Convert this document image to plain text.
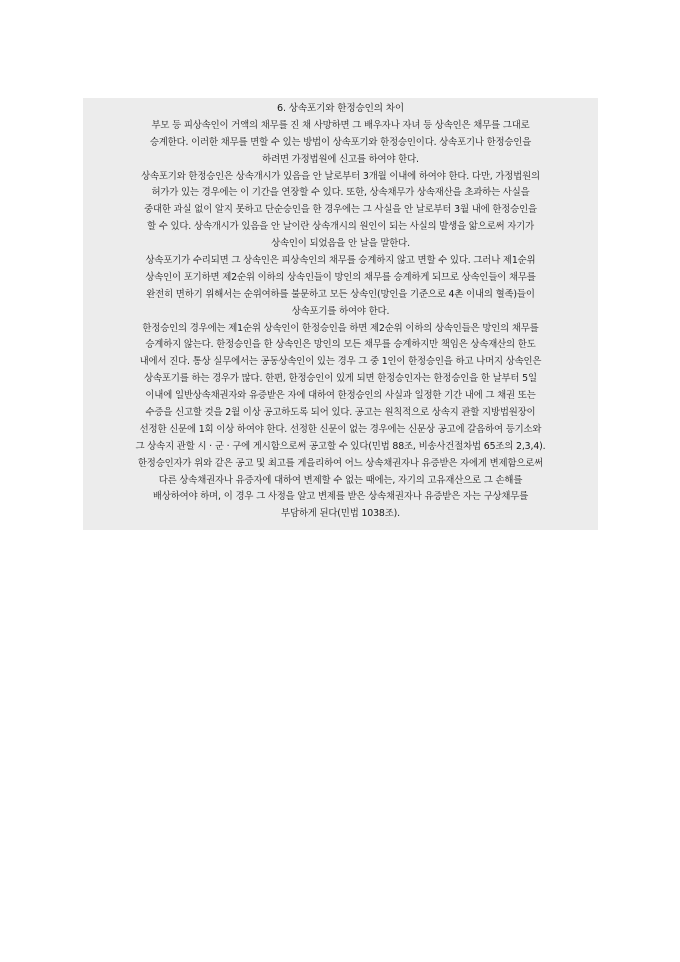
6. 상속포기와 한정승인의 차이
부모 등 피상속인이 거액의 채무를 진 채 사망하면 그 배우자나 자녀 등 상속인은 채무를 그대로
승계한다. 이러한 채무를 면할 수 있는 방법이 상속포기와 한정승인이다. 상속포기나 한정승인을
하려면 가정법원에 신고를 하여야 한다.
상속포기와 한정승인은 상속개시가 있음을 안 날로부터 3개월 이내에 하여야 한다. 다만, 가정법원의
허가가 있는 경우에는 이 기간을 연장할 수 있다. 또한, 상속채무가 상속재산을 초과하는 사실을
중대한 과실 없이 알지 못하고 단순승인을 한 경우에는 그 사실을 안 날로부터 3월 내에 한정승인을
할 수 있다. 상속개시가 있음을 안 날이란 상속개시의 원인이 되는 사실의 발생을 앎으로써 자기가
상속인이 되었음을 안 날을 말한다.
상속포기가 수리되면 그 상속인은 피상속인의 채무를 승계하지 않고 면할 수 있다. 그러나 제1순위
상속인이 포기하면 제2순위 이하의 상속인들이 망인의 채무를 승계하게 되므로 상속인들이 채무를
완전히 면하기 위해서는 순위여하를 불문하고 모든 상속인(망인을 기준으로 4촌 이내의 혈족)들이
상속포기를 하여야 한다.
한정승인의 경우에는 제1순위 상속인이 한정승인을 하면 제2순위 이하의 상속인들은 망인의 채무를
승계하지 않는다. 한정승인을 한 상속인은 망인의 모든 채무를 승계하지만 책임은 상속재산의 한도
내에서 진다. 통상 실무에서는 공동상속인이 있는 경우 그 중 1인이 한정승인을 하고 나머지 상속인은
상속포기를 하는 경우가 많다. 한편, 한정승인이 있게 되면 한정승인자는 한정승인을 한 날부터 5일
이내에 일반상속채권자와 유증받은 자에 대하여 한정승인의 사실과 일정한 기간 내에 그 채권 또는
수증을 신고할 것을 2월 이상 공고하도록 되어 있다. 공고는 원칙적으로 상속지 관할 지방법원장이
선정한 신문에 1회 이상 하여야 한다. 선정한 신문이 없는 경우에는 신문상 공고에 갈음하여 등기소와
그 상속지 관할 시 · 군 · 구에 게시함으로써 공고할 수 있다(민법 88조, 비송사건절차법 65조의 2,3,4).
한정승인자가 위와 같은 공고 및 최고를 게을리하여 어느 상속채권자나 유증받은 자에게 변제함으로써
다른 상속채권자나 유증자에 대하여 변제할 수 없는 때에는, 자기의 고유재산으로 그 손해를
배상하여야 하며, 이 경우 그 사정을 알고 변제를 받은 상속채권자나 유증받은 자는 구상채무를
부담하게 된다(민법 1038조).
